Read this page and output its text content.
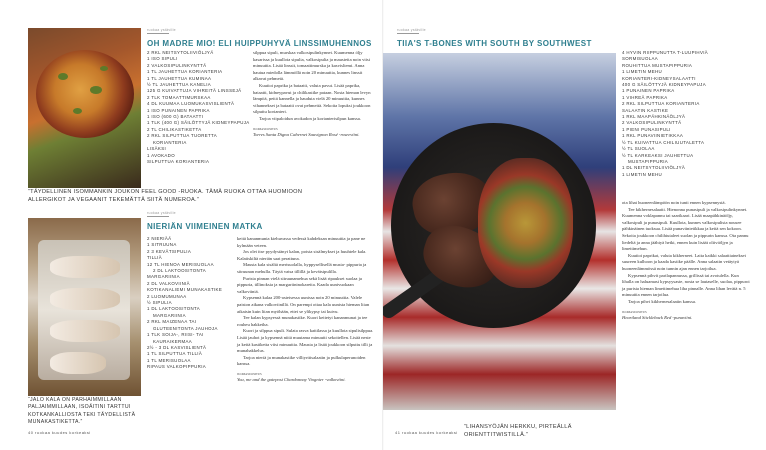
ruokaa ystäville
OH MADRE MIO! ELI HUIPPUHYVÄ LINSSIMUHENNOS
2 RKL NEITSYTOLIIVIÖLJYÄ
1 ISO SIPULI
2 VALKOSIPULINKYNTTÄ
1 TL JAUHETTUA KORIANTERIA
1 TL JAUHETTUA KUMINAA
½ TL JAUHETTUA KANELIA
125 G KUIVATTUJA VIHREITÄ LINSSEJÄ
2 TLK TOMAATTIMURSKAA
4 DL KUUMAA LUOMUKASVISLIENTÄ
1 ISO PUNAINEN PAPRIKA
1 ISO (600 G) BATAATTI
1 TLK (400 G) SÄILÖTTYJÄ KIDNEYPAPUJA
2 TL CHILIKASTIKETTA
2 RKL SILPUTTUA TUORETTA
KORIANTERIA
LISÄKSI
1 AVOKADO
SILPUTTUA KORIANTERIA

silppua sipuli, murskaa valkosipulinkynnet. Kuumenna öljy kasarissa ja kuullota sipulia, valkosipulia ja mausteita noin viisi minuuttia. Lisää linssit, tomaattimurska ja kasvisliemi. Anna hautua miedolla lämmöllä noin 20 minuuttia, kunnes linssit alkavat pehmetä.

Kuutioi paprika ja bataatti, valuta pavut. Lisää paprika, bataatti, kidneypavut ja chilikastike pataan. Nosta hieman levyn lämpöä, peitä kannella ja hauduta vielä 20 minuuttia, kunnes vihannekset ja bataatti ovat pehmeitä. Sekoita lopuksi joukkoon silputtu korianteri.

Tarjoa viipaloidun avokadon ja korianterisilpun kanssa.

juomasuositus

Torres Santa Digna Cabernet Sauvignon Rosé -roseeviini.

“TÄYDELLINEN ISOMMANKIN JOUKON FEEL GOOD -RUOKA. TÄMÄ RUOKA OTTAA HUOMIOON ALLERGIKOT JA VEGAANIT TEKEMÄTTÄ SIITÄ NUMEROA.”
ruokaa ystäville
NIERIÄN VIIMEINEN MATKA
2 NIERIÄÄ
1 SITRUUNA
2 3 KEVÄTSIPULIA
TILLIÄ
12 TL HIENOA MERISUOLAA
2 DL LAKTOOSITONTA
MARGARIINIA
2 DL VALKOVIINIÄ
KOTIKANALIEMI MUNAKASTIKE
2 LUOMUMUNAA
½ SIPULIA
1 DL LAKTOOSITONTA
MARGARIINIA
2 RKL MAIZENAA TAI
GLUTEENITONTA JAUHOJA
1 TLK SOIJA-, RIISI- TAI
KAURAIKERMAA
2½ - 3 DL KASVISLIENTÄ
1 TL SILPUTTUA TILLIÄ
1 TL MERISUOLAA
RIPAUS VALKOPIPPURIA

keitä kananmunia kiehuvassa vedessä kahdeksan minuuttia ja pane ne kylmään veteen.

Jos olet itse pyydystänyt kalan, poista sisälmykset ja huuhtele kala. Kalatiskiltä nieriän saat perattuna.

Mausta kala sisältä merisuolalla, hyppysellisellä musta- pippuria ja sitruunan mehulla. Täytä vatsa tillillä ja kevätsipulilla.

Purista pinnan vielä sitruunamehua sekä lisää ripaukset suolaa ja pippuria, tillinoksia ja margariininokareita. Kaada uunivuokaan valkoviiniä.

Kypsennä kalaa 200-asteisessa uunissa noin 20 minuuttia. Valele paiston aikana valkoviinillä. On parempi ottaa kala uunista hieman liian aikaisin kuin liian myöhään, ettei se ylikypsy tai kuivu.

Tee kalan kypsyessä munakastike. Kuori keitetyt kananmunat ja tee rouheu hakkeiha.

Kuori ja silppua sipuli. Sulata rasva kattilassa ja kuullota sipulisilppua. Lisää jauhot ja kypsennä niitä muutama minuutti sekoitellen. Lisää neste ja keitä kastiketta viisi minuuttia. Mausta ja lisää joukkoon silputtu tilli ja munahakkelus.

Tarjoa nieriä ja munakastike villiyrttisalaatin ja pulkulaperunoiden kanssa.

juomasuositus

You, me and the gatepost Chardonnay Viognier -valkoviini.

“JALO KALA ON PARHAIMMILLAAN PALJAIMMILLAAN, ISOÄITINI TARTTUI KOTKANKALLIOSTA TEKI TÄYDELLISTÄ MUNAKASTIKETTA.”
40 ruokaa kuudes korkeaksi
ruokaa ystäville
TIIA'S T-BONES WITH SOUTH BY SOUTHWEST
4 HYVIN RIIPPUNUTTA T-LUUPIHVIÄ
SORMISUOLAA
ROUHITTUA MUSTAPIPPURIA
1 LIMETIN MEHU
KORIANTERI-KIDNEYSALAATTI
400 G SÄILÖTTYJÄ KIDNEYPAPUJA
1 PUNAINEN PAPRIKA
1 VIHREÄ PAPRIKA
2 RKL SILPUTTUA KORIANTERIA
SALAATIN KASTIKE
1 RKL MAAPÄHKINÄÖLJYÄ
2 VALKOSIPULINKYNTTÄ
1 PIENI PUNASIPULI
1 RKL PUNAVIINIETIKKAA
½ TL KUIVATTUA CHILIUUTALETTA
½ TL SUOLAA
½ TL KARKEAKSI JAUHETTUA
MUSTAPIPPURIA
1 DL NEITSYTOLIIVIÖLJYÄ
1 LIMETIN MEHU

ota lihat huoneenlämpöön noin tunti ennen kypsennystä.

Tee kikhernesalaatti. Hienonna punasipuli ja valkosipulinkynnet. Kuumenna voklapannu tai saarikaari. Lisää maapähkinäöljy, valkosipuli ja punasipuli. Kuullota, kunnes valkosipulista nousee pähkinäinen tuoksua. Lisää punaviinietikkaa ja keitä sen kokoon. Sekoita joukkoon chilihiutaleet suolan ja pippurin kanssa. Ota pannu liedeltä ja anna jäähtyä hetki, ennen kuin lisäät oliiviöljyn ja limettimehun.

Kuutioi paprikat, valuta kikherneet. Laita kaikki salaattiainekset suureen kulhoon ja kaada kastike päälle. Anna salaatin vetäytyä huoneenlämmössä noin tunnin ajan ennen tarjoilua.

Kypsennä pihvit parilapannussa, grillissä tai avotulella. Kun lihalla on haluamasi kypsyysaste, nosta se lautaselle, suolaa, pippuroi ja purista hieman limettimehua liha pinnalle. Anna lihan levätä n. 5 minuuttia ennen tarjoilua.

Tarjoa pihvi kikhernesalaatin kanssa.

juomasuositus

Heartland Stickleback Red -punaviini.

“LIHANSYÖJÄN HERKKU, PIRTEÄLLÄ ORIENTTITWISTILLÄ.”
41 ruokaa kuudes korkeaksi
